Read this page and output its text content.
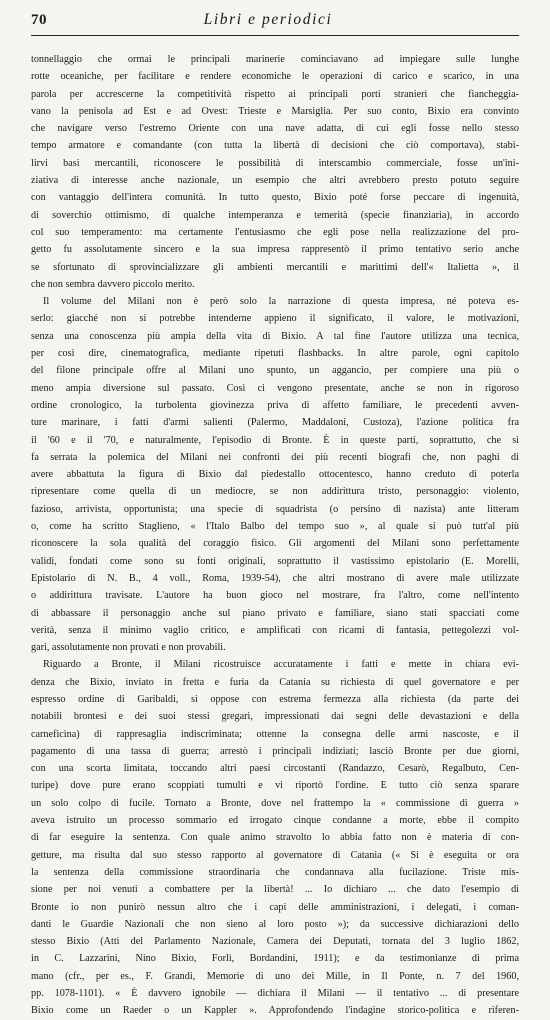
70	Libri e periodici
tonnellaggio che ormai le principali marinerie cominciavano ad impiegare sulle lunghe
rotte oceaniche, per facilitare e rendere economiche le operazioni di carico e scarico, in una
parola per accrescerne la competitività rispetto ai principali porti stranieri che fiancheggia-
vano la penisola ad Est e ad Ovest: Trieste e Marsiglia. Per suo conto, Bixio era convinto
che navigare verso l'estremo Oriente con una nave adatta, di cui egli fosse nello stesso
tempo armatore e comandante (con tutta la libertà di decisioni che ciò comportava), stabi-
lirvi basi mercantili, riconoscere le possibilità di interscambio commerciale, fosse un'ini-
ziativa di interesse anche nazionale, un esempio che altri avrebbero presto potuto seguire
con vantaggio dell'intera comunità. In tutto questo, Bixio poté forse peccare di ingenuità,
di soverchio ottimismo, di qualche intemperanza e temerità (specie finanziaria), in accordo
col suo temperamento: ma certamente l'entusiasmo che egli pose nella realizzazione del pro-
getto fu assolutamente sincero e la sua impresa rappresentò il primo tentativo serio anche
se sfortunato di sprovincializzare gli ambienti mercantili e marittimi dell'« Italietta », il
che non sembra davvero piccolo merito.
Il volume del Milani non è però solo la narrazione di questa impresa, né poteva es-
serlo: giacché non si potrebbe intenderne appieno il significato, il valore, le motivazioni,
senza una conoscenza più ampia della vita di Bixio. A tal fine l'autore utilizza una tecnica,
per così dire, cinematografica, mediante ripetuti flashbacks. In altre parole, ogni capitolo
del filone principale offre al Milani uno spunto, un aggancio, per compiere una più o
meno ampia diversione sul passato. Così ci vengono presentate, anche se non in rigoroso
ordine cronologico, la turbolenta giovinezza priva di affetto familiare, le precedenti avven-
ture marinare, i fatti d'armi salienti (Palermo, Maddaloni, Custoza), l'azione politica fra
il '60 e il '70, e naturalmente, l'episodio di Bronte. È in queste parti, soprattutto, che si
fa serrata la polemica del Milani nei confronti dei più recenti biografi che, non paghi di
avere abbattuta la figura di Bixio dal piedestallo ottocentesco, hanno creduto di poterla
ripresentare come quella di un mediocre, se non addirittura tristo, personaggio: violento,
fazioso, arrivista, opportunista; una specie di squadrista (o persino di nazista) ante litteram
o, come ha scritto Staglieno, « l'Italo Balbo del tempo suo », al quale si può tutt'al più
riconoscere la sola qualità del coraggio fisico. Gli argomenti del Milani sono perfettamente
validi, fondati come sono su fonti originali, soprattutto il vastissimo epistolario (E. Morelli,
Epistolario di N. B., 4 voll., Roma, 1939-54), che altri mostrano di avere male utilizzate
o addirittura travisate. L'autore ha buon gioco nel mostrare, fra l'altro, come nell'intento
di abbassare il personaggio anche sul piano privato e familiare, siano stati spacciati come
verità, senza il minimo vaglio critico, e amplificati con ricami di fantasia, pettegolezzi vol-
gari, assolutamente non provati e non provabili.
Riguardo a Bronte, il Milani ricostruisce accuratamente i fatti e mette in chiara evi-
denza che Bixio, inviato in fretta e furia da Catania su richiesta di quel governatore e per
espresso ordine di Garibaldi, si oppose con estrema fermezza alla richiesta (da parte dei
notabili brontesi e dei suoi stessi gregari, impressionati dai segni delle devastazioni e della
carneficina) di rappresaglia indiscriminata; ottenne la consegna delle armi nascoste, e il
pagamento di una tassa di guerra; arrestò i principali indiziati; lasciò Bronte per due giorni,
con una scorta limitata, toccando altri paesi circostanti (Randazzo, Cesarò, Regalbuto, Cen-
turipe) dove pure erano scoppiati tumulti e vi riportò l'ordine. E tutto ciò senza sparare
un solo colpo di fucile. Tornato a Bronte, dove nel frattempo la « commissione di guerra »
aveva istruito un processo sommario ed irrogato cinque condanne a morte, ebbe il compito
di far eseguire la sentenza. Con quale animo stravolto lo abbia fatto non è materia di con-
getture, ma risulta dal suo stesso rapporto al governatore di Catania (« Si è eseguita or ora
la sentenza della commissione straordinaria che condannava alla fucilazione. Triste mis-
sione per noi venuti a combattere per la libertà! ... Io dichiaro ... che dato l'esempio di
Bronte io non punirò nessun altro che i capi delle amministrazioni, i delegati, i coman-
danti le Guardie Nazionali che non sieno al loro posto »); da successive dichiarazioni dello
stesso Bixio (Atti del Parlamento Nazionale, Camera dei Deputati, tornata del 3 luglio 1862,
in C. Lazzarini, Nino Bixio, Forlì, Bordandini, 1911); e da testimonianze di prima
mano (cfr., per es., F. Grandi, Memorie di uno dei Mille, in Il Ponte, n. 7 del 1960,
pp. 1078-1101). « È davvero ignobile — dichiara il Milani — il tentativo ... di presentare
Bixio come un Raeder o un Kappler ». Approfondendo l'indagine storico-politica e riferen-
